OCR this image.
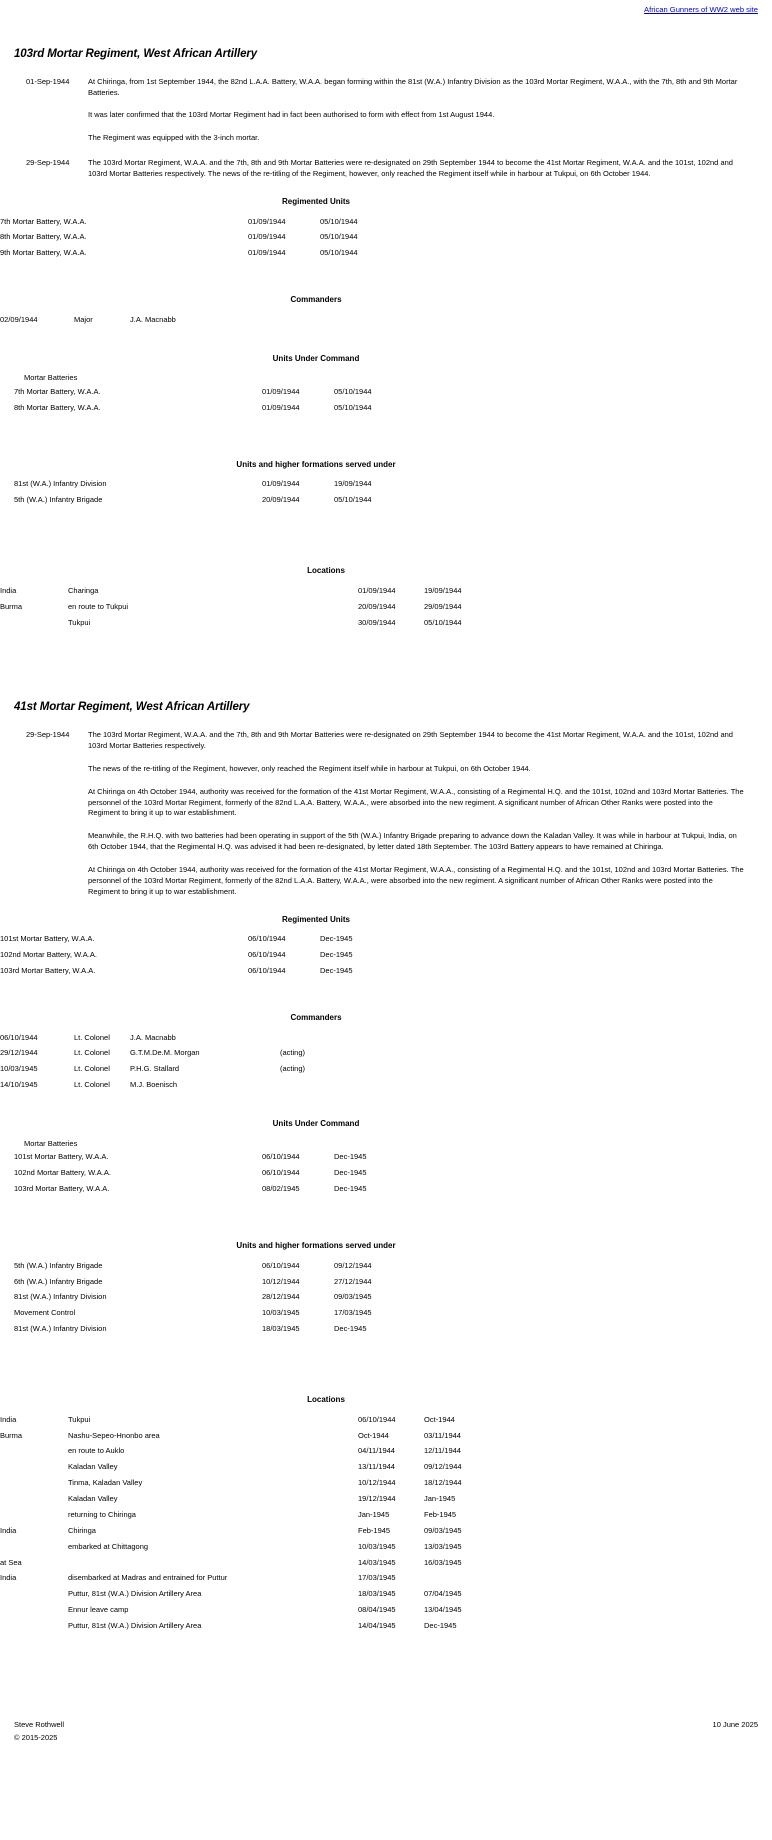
African Gunners of WW2 web site
103rd Mortar Regiment, West African Artillery
01-Sep-1944	At Chiringa, from 1st September 1944, the 82nd L.A.A. Battery, W.A.A. began forming within the 81st (W.A.) Infantry Division as the 103rd Mortar Regiment, W.A.A., with the 7th, 8th and 9th Mortar Batteries.

It was later confirmed that the 103rd Mortar Regiment had in fact been authorised to form with effect from 1st August 1944.

The Regiment was equipped with the 3-inch mortar.

29-Sep-1944	The 103rd Mortar Regiment, W.A.A. and the 7th, 8th and 9th Mortar Batteries were re-designated on 29th September 1944 to become the 41st Mortar Regiment, W.A.A. and the 101st, 102nd and 103rd Mortar Batteries respectively. The news of the re-titling of the Regiment, however, only reached the Regiment itself while in harbour at Tukpui, on 6th October 1944.

Regimented Units
7th Mortar Battery, W.A.A.	01/09/1944	05/10/1944
8th Mortar Battery, W.A.A.	01/09/1944	05/10/1944
9th Mortar Battery, W.A.A.	01/09/1944	05/10/1944
Commanders
02/09/1944	Major	J.A. Macnabb	
Units Under Command
Mortar Batteries
7th Mortar Battery, W.A.A.	01/09/1944	05/10/1944
8th Mortar Battery, W.A.A.	01/09/1944	05/10/1944
Units and higher formations served under
81st (W.A.) Infantry Division	01/09/1944	19/09/1944
5th (W.A.) Infantry Brigade	20/09/1944	05/10/1944
Locations
India	Charinga	01/09/1944	19/09/1944
Burma	en route to Tukpui	20/09/1944	29/09/1944
	Tukpui	30/09/1944	05/10/1944
41st Mortar Regiment, West African Artillery
29-Sep-1944	The 103rd Mortar Regiment, W.A.A. and the 7th, 8th and 9th Mortar Batteries were re-designated on 29th September 1944 to become the 41st Mortar Regiment, W.A.A. and the 101st, 102nd and 103rd Mortar Batteries respectively.

The news of the re-titling of the Regiment, however, only reached the Regiment itself while in harbour at Tukpui, on 6th October 1944.

At Chiringa on 4th October 1944, authority was received for the formation of the 41st Mortar Regiment, W.A.A., consisting of a Regimental H.Q. and the 101st, 102nd and 103rd Mortar Batteries. The personnel of the 103rd Mortar Regiment, formerly of the 82nd L.A.A. Battery, W.A.A., were absorbed into the new regiment. A significant number of African Other Ranks were posted into the Regiment to bring it up to war establishment.

Meanwhile, the R.H.Q. with two batteries had been operating in support of the 5th (W.A.) Infantry Brigade preparing to advance down the Kaladan Valley. It was while in harbour at Tukpui, India, on 6th October 1944, that the Regimental H.Q. was advised it had been re-designated, by letter dated 18th September. The 103rd Battery appears to have remained at Chiringa.

At Chiringa on 4th October 1944, authority was received for the formation of the 41st Mortar Regiment, W.A.A., consisting of a Regimental H.Q. and the 101st, 102nd and 103rd Mortar Batteries. The personnel of the 103rd Mortar Regiment, formerly of the 82nd L.A.A. Battery, W.A.A., were absorbed into the new regiment. A significant number of African Other Ranks were posted into the Regiment to bring it up to war establishment.

Regimented Units
101st Mortar Battery, W.A.A.	06/10/1944	Dec-1945
102nd Mortar Battery, W.A.A.	06/10/1944	Dec-1945
103rd Mortar Battery, W.A.A.	06/10/1944	Dec-1945
Commanders
06/10/1944	Lt. Colonel	J.A. Macnabb	
29/12/1944	Lt. Colonel	G.T.M.De.M. Morgan	(acting)
10/03/1945	Lt. Colonel	P.H.G. Stallard	(acting)
14/10/1945	Lt. Colonel	M.J. Boenisch	
Units Under Command
Mortar Batteries
101st Mortar Battery, W.A.A.	06/10/1944	Dec-1945
102nd Mortar Battery, W.A.A.	06/10/1944	Dec-1945
103rd Mortar Battery, W.A.A.	08/02/1945	Dec-1945
Units and higher formations served under
5th (W.A.) Infantry Brigade	06/10/1944	09/12/1944
6th (W.A.) Infantry Brigade	10/12/1944	27/12/1944
81st (W.A.) Infantry Division	28/12/1944	09/03/1945
Movement Control	10/03/1945	17/03/1945
81st (W.A.) Infantry Division	18/03/1945	Dec-1945
Locations
India	Tukpui	06/10/1944	Oct-1944
Burma	Nashu-Sepeo-Hnonbo area	Oct-1944	03/11/1944
	en route to Auklo	04/11/1944	12/11/1944
	Kaladan Valley	13/11/1944	09/12/1944
	Tinma, Kaladan Valley	10/12/1944	18/12/1944
	Kaladan Valley	19/12/1944	Jan-1945
	returning to Chiringa	Jan-1945	Feb-1945
India	Chiringa	Feb-1945	09/03/1945
	embarked at Chittagong	10/03/1945	13/03/1945
at Sea		14/03/1945	16/03/1945
India	disembarked at Madras and entrained for Puttur	17/03/1945	
	Puttur, 81st (W.A.) Division Artillery Area	18/03/1945	07/04/1945
	Ennur leave camp	08/04/1945	13/04/1945
	Puttur, 81st (W.A.) Division Artillery Area	14/04/1945	Dec-1945
Steve Rothwell
© 2015-2025
10 June 2025
